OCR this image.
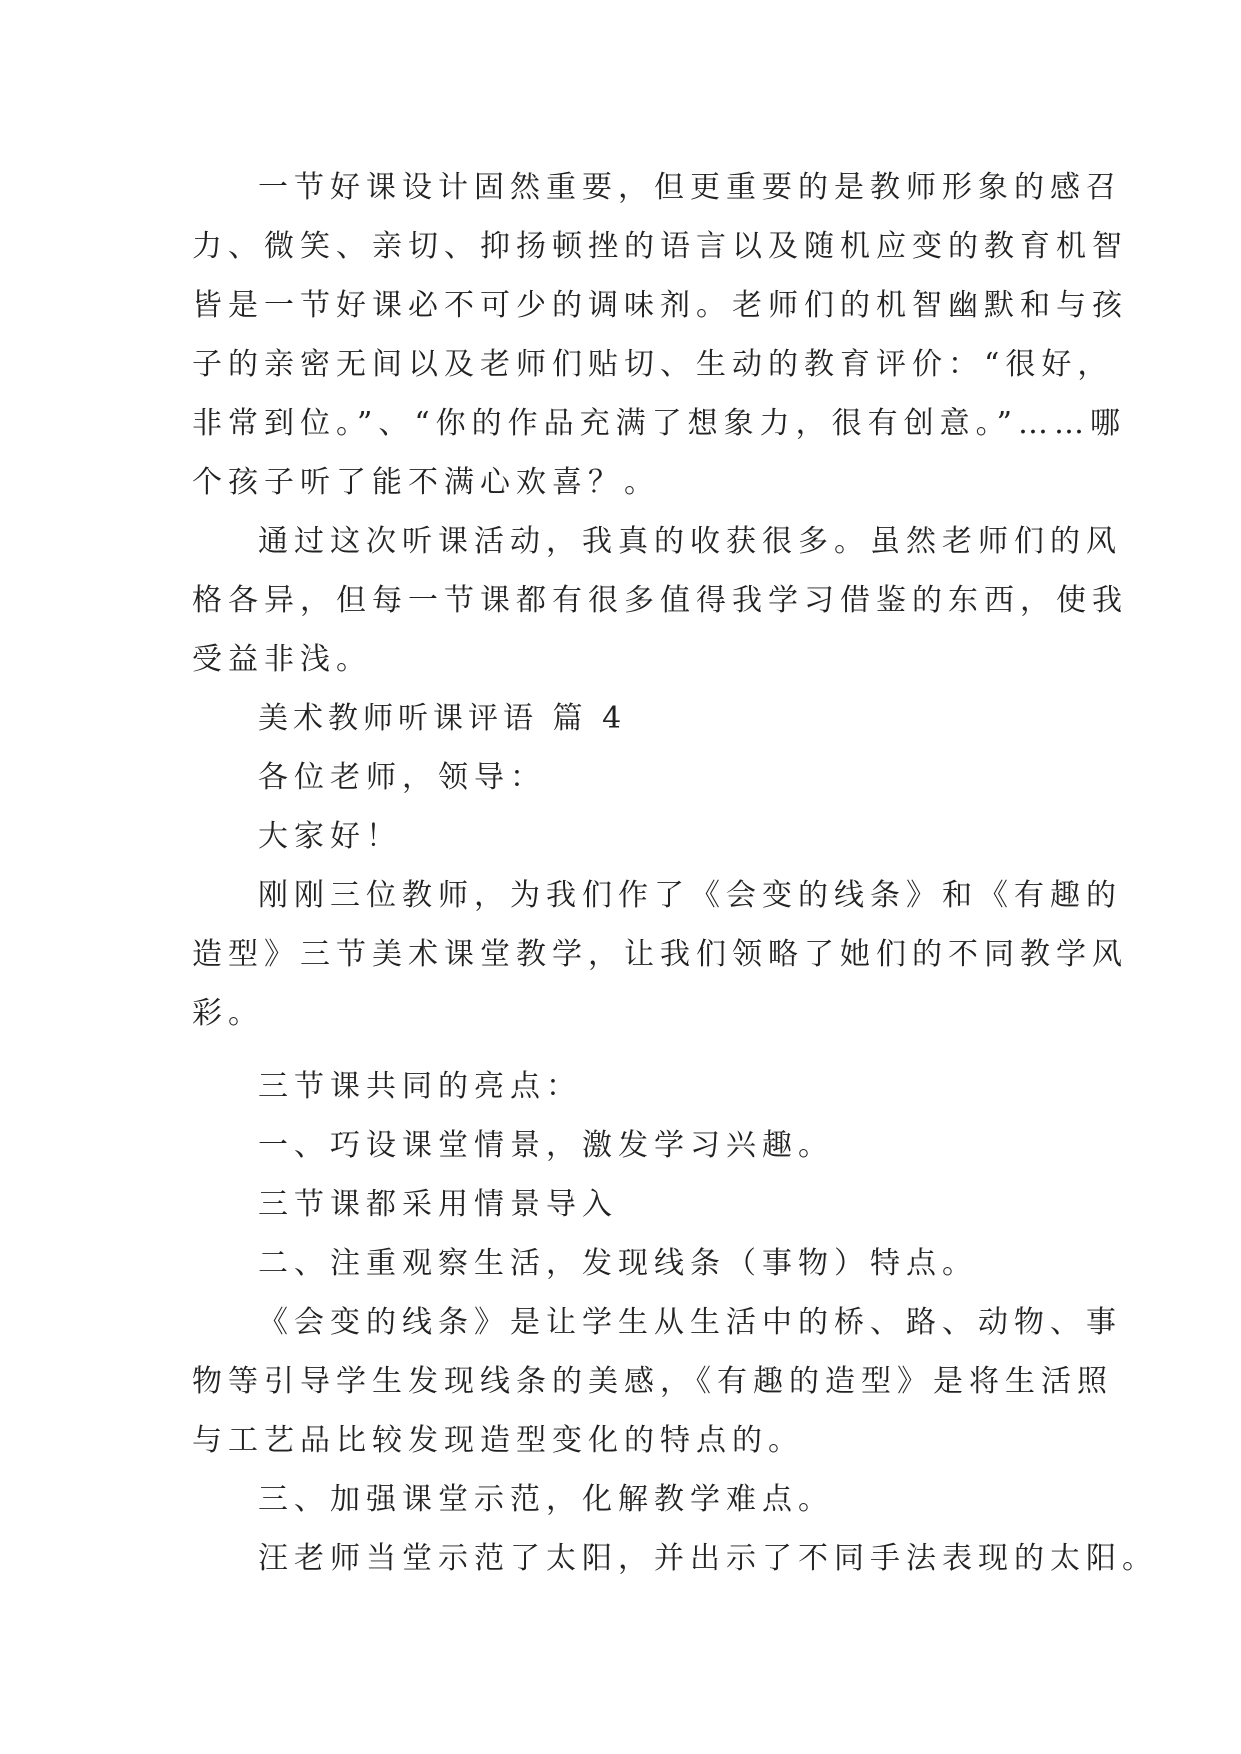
一节好课设计固然重要，但更重要的是教师形象的感召
力、微笑、亲切、抑扬顿挫的语言以及随机应变的教育机智
皆是一节好课必不可少的调味剂。老师们的机智幽默和与孩
子的亲密无间以及老师们贴切、生动的教育评价：“很好，
非常到位。”、“你的作品充满了想象力，很有创意。”……哪
个孩子听了能不满心欢喜？。
通过这次听课活动，我真的收获很多。虽然老师们的风
格各异，但每一节课都有很多值得我学习借鉴的东西，使我
受益非浅。
美术教师听课评语 篇 4
各位老师，领导：
大家好！
刚刚三位教师，为我们作了《会变的线条》和《有趣的
造型》三节美术课堂教学，让我们领略了她们的不同教学风
彩。
三节课共同的亮点：
一、巧设课堂情景，激发学习兴趣。
三节课都采用情景导入
二、注重观察生活，发现线条（事物）特点。
《会变的线条》是让学生从生活中的桥、路、动物、事
物等引导学生发现线条的美感，《有趣的造型》是将生活照
与工艺品比较发现造型变化的特点的。
三、加强课堂示范，化解教学难点。
汪老师当堂示范了太阳，并出示了不同手法表现的太阳。
